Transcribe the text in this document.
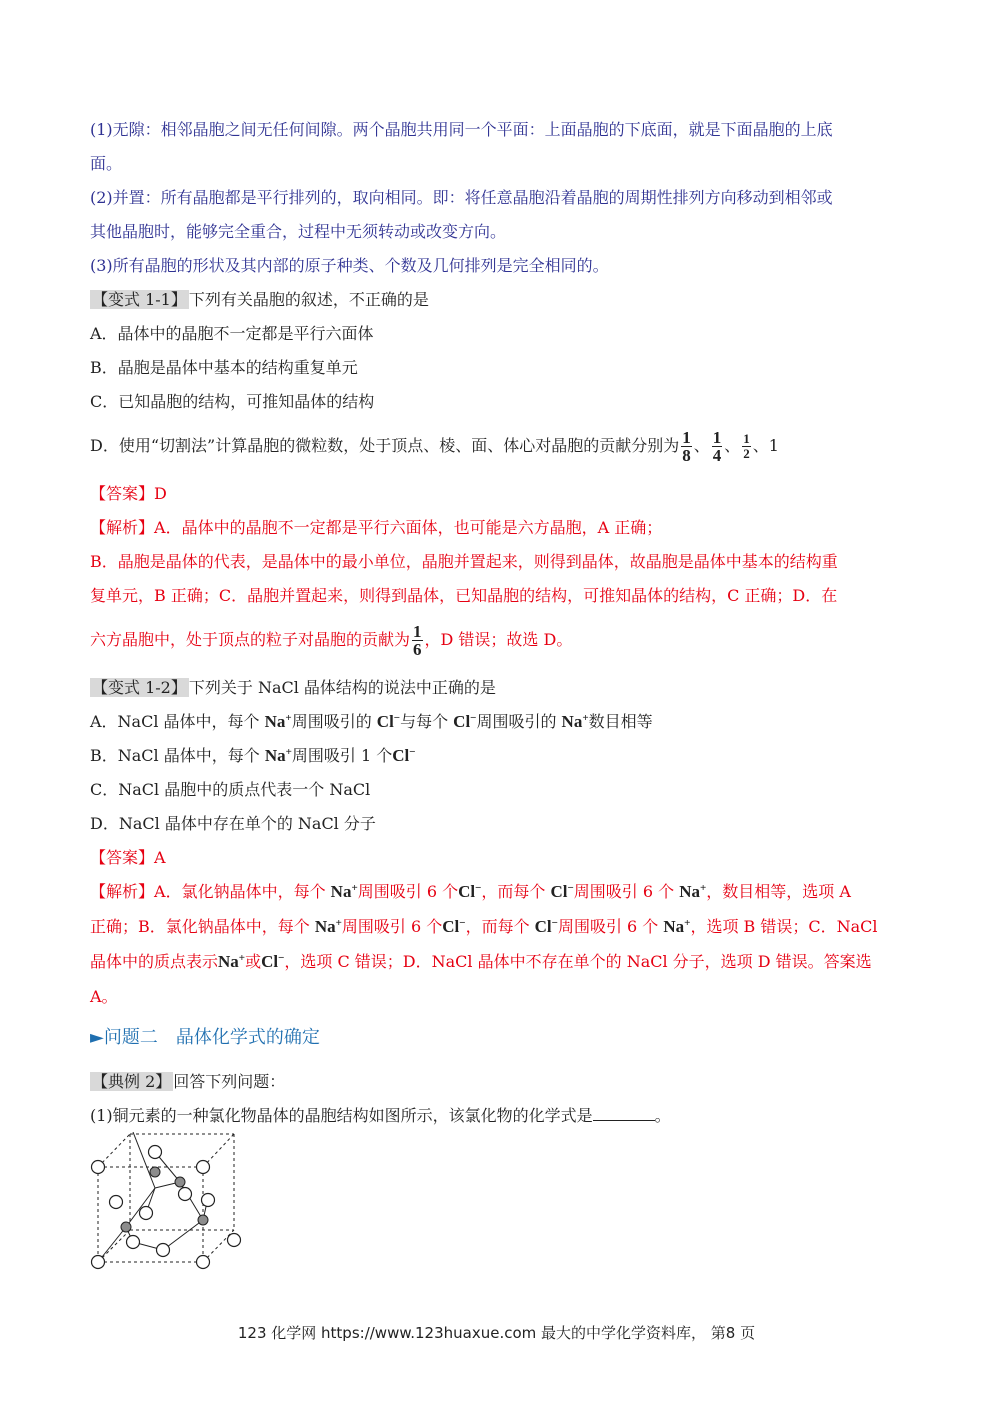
(1)无隙：相邻晶胞之间无任何间隙。两个晶胞共用同一个平面：上面晶胞的下底面，就是下面晶胞的上底
面。
(2)并置：所有晶胞都是平行排列的，取向相同。即：将任意晶胞沿着晶胞的周期性排列方向移动到相邻或
其他晶胞时，能够完全重合，过程中无须转动或改变方向。
(3)所有晶胞的形状及其内部的原子种类、个数及几何排列是完全相同的。
【变式 1-1】 下列有关晶胞的叙述，不正确的是
A．晶体中的晶胞不一定都是平行六面体
B．晶胞是晶体中基本的结构重复单元
C．已知晶胞的结构，可推知晶体的结构
D．使用“切割法”计算晶胞的微粒数，处于顶点、棱、面、体心对晶胞的贡献分别为 $\frac{1}{8}$ 、 $\frac{1}{4}$ 、 $\frac{1}{2}$ 、1
【答案】D
【解析】A．晶体中的晶胞不一定都是平行六面体，也可能是六方晶胞，A 正确；
B．晶胞是晶体的代表，是晶体中的最小单位，晶胞并置起来，则得到晶体，故晶胞是晶体中基本的结构重
复单元，B 正确；C．晶胞并置起来，则得到晶体，已知晶胞的结构，可推知晶体的结构，C 正确；D．在
六方晶胞中，处于顶点的粒子对晶胞的贡献为 $\frac{1}{6}$ ，D 错误；故选 D。
【变式 1-2】 下列关于 NaCl 晶体结构的说法中正确的是
A．NaCl 晶体中，每个 Na+周围吸引的 Cl−与每个 Cl−周围吸引的 Na+数目相等
B．NaCl 晶体中，每个 Na+周围吸引 1 个Cl−
C．NaCl 晶胞中的质点代表一个 NaCl
D．NaCl 晶体中存在单个的 NaCl 分子
【答案】A
【解析】A．氯化钠晶体中，每个 Na+周围吸引 6 个Cl−，而每个 Cl−周围吸引 6 个 Na+，数目相等，选项 A
正确；B．氯化钠晶体中，每个 Na+周围吸引 6 个Cl−，而每个 Cl−周围吸引 6 个 Na+，选项 B 错误；C．NaCl
晶体中的质点表示Na+或Cl−，选项 C 错误；D．NaCl 晶体中不存在单个的 NaCl 分子，选项 D 错误。答案选
A。
►问题二　晶体化学式的确定
【典例 2】 回答下列问题：
(1)铜元素的一种氯化物晶体的晶胞结构如图所示，该氯化物的化学式是	。
123 化学网 https://www.123huaxue.com 最大的中学化学资料库， 第8 页
